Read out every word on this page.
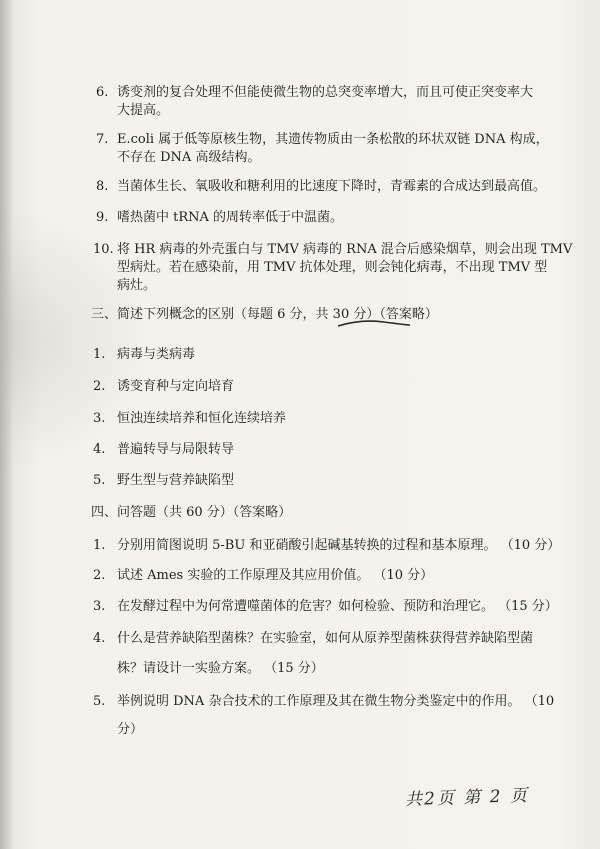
6. 诱变剂的复合处理不但能使微生物的总突变率增大，而且可使正突变率大
大提高。
7. E.coli 属于低等原核生物，其遗传物质由一条松散的环状双链 DNA 构成，
不存在 DNA 高级结构。
8. 当菌体生长、氧吸收和糖利用的比速度下降时，青霉素的合成达到最高值。
9. 嗜热菌中 tRNA 的周转率低于中温菌。
10. 将 HR 病毒的外壳蛋白与 TMV 病毒的 RNA 混合后感染烟草，则会出现 TMV
型病灶。若在感染前，用 TMV 抗体处理，则会钝化病毒，不出现 TMV 型
病灶。
三、简述下列概念的区别（每题 6 分，共 30 分）（答案略）
1. 病毒与类病毒
2. 诱变育种与定向培育
3. 恒浊连续培养和恒化连续培养
4. 普遍转导与局限转导
5. 野生型与营养缺陷型
四、问答题（共 60 分）（答案略）
1. 分别用简图说明 5-BU 和亚硝酸引起碱基转换的过程和基本原理。 （10 分）
2. 试述 Ames 实验的工作原理及其应用价值。 （10 分）
3. 在发酵过程中为何常遭噬菌体的危害？如何检验、预防和治理它。 （15 分）
4. 什么是营养缺陷型菌株？在实验室，如何从原养型菌株获得营养缺陷型菌
株？请设计一实验方案。 （15 分）
5. 举例说明 DNA 杂合技术的工作原理及其在微生物分类鉴定中的作用。 （10
分）
共2页 第 2 页
